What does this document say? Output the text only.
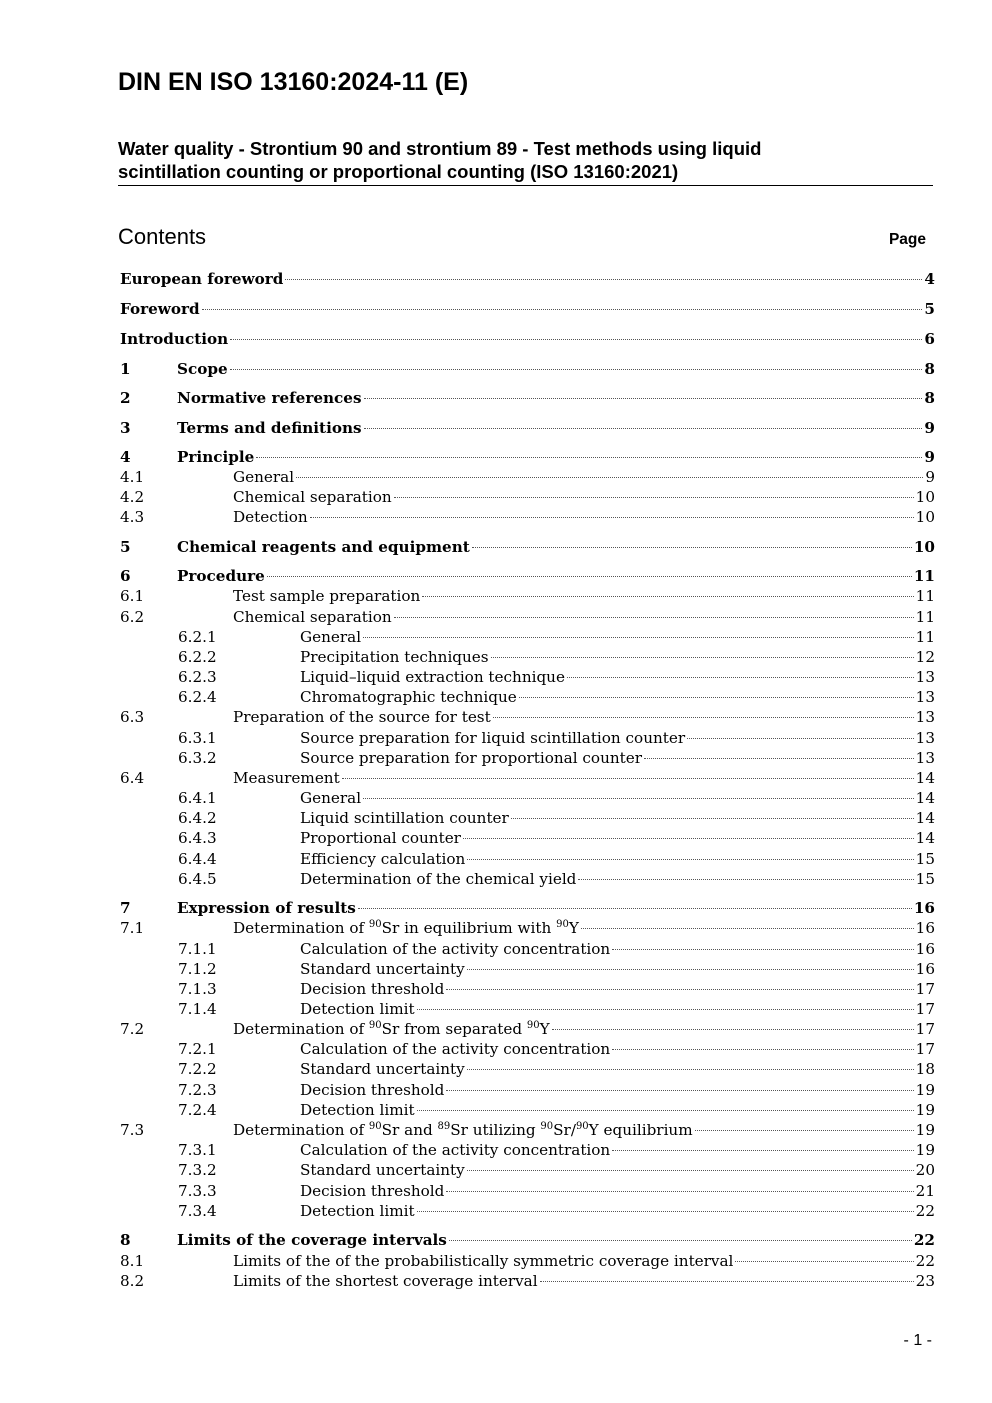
DIN EN ISO 13160:2024-11 (E)
Water quality - Strontium 90 and strontium 89 - Test methods using liquid
scintillation counting or proportional counting (ISO 13160:2021)
Contents	Page
European foreword	4
Foreword	5
Introduction	6
1	Scope	8
2	Normative references	8
3	Terms and definitions	9
4	Principle	9
4.1	General	9
4.2	Chemical separation	10
4.3	Detection	10
5	Chemical reagents and equipment	10
6	Procedure	11
6.1	Test sample preparation	11
6.2	Chemical separation	11
6.2.1	General	11
6.2.2	Precipitation techniques	12
6.2.3	Liquid–liquid extraction technique	13
6.2.4	Chromatographic technique	13
6.3	Preparation of the source for test	13
6.3.1	Source preparation for liquid scintillation counter	13
6.3.2	Source preparation for proportional counter	13
6.4	Measurement	14
6.4.1	General	14
6.4.2	Liquid scintillation counter	14
6.4.3	Proportional counter	14
6.4.4	Efficiency calculation	15
6.4.5	Determination of the chemical yield	15
7	Expression of results	16
7.1	Determination of $^{90}$Sr in equilibrium with $^{90}$Y	16
7.1.1	Calculation of the activity concentration	16
7.1.2	Standard uncertainty	16
7.1.3	Decision threshold	17
7.1.4	Detection limit	17
7.2	Determination of $^{90}$Sr from separated $^{90}$Y	17
7.2.1	Calculation of the activity concentration	17
7.2.2	Standard uncertainty	18
7.2.3	Decision threshold	19
7.2.4	Detection limit	19
7.3	Determination of $^{90}$Sr and $^{89}$Sr utilizing $^{90}$Sr/$^{90}$Y equilibrium	19
7.3.1	Calculation of the activity concentration	19
7.3.2	Standard uncertainty	20
7.3.3	Decision threshold	21
7.3.4	Detection limit	22
8	Limits of the coverage intervals	22
8.1	Limits of the of the probabilistically symmetric coverage interval	22
8.2	Limits of the shortest coverage interval	23
- 1 -
